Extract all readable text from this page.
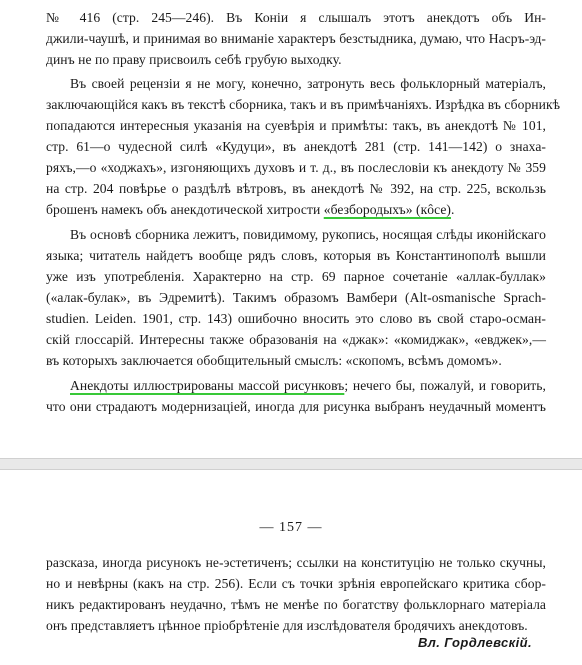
№ 416 (стр. 245—246). Въ Коніи я слышалъ этотъ анекдотъ объ Ин-
джили-чаушѣ, и принимая во вниманіе характеръ безстыдника, думаю, что Насръ-эд-
динъ не по праву присвоилъ себѣ грубую выходку.
Въ своей рецензіи я не могу, конечно, затронуть весь фольклорный матеріалъ,
заключающійся какъ въ текстѣ сборника, такъ и въ примѣчаніяхъ. Изрѣдка въ сборникѣ
попадаются интересныя указанія на суевѣрія и примѣты: такъ, въ анекдотѣ № 101,
стр. 61—о чудесной силѣ «Кудуци», въ анекдотѣ 281 (стр. 141—142) о знаха-
ряхъ,—о «ходжахъ», изгоняющихъ духовъ и т. д., въ послесловіи къ анекдоту № 359
на стр. 204 повѣрье о раздѣлѣ вѣтровъ, въ анекдотѣ № 392, на стр. 225, вскользь
брошенъ намекъ объ анекдотической хитрости «безбородыхъ» (кôсе).
Въ основѣ сборника лежитъ, повидимому, рукопись, носящая слѣды иконійскаго
языка; читатель найдетъ вообще рядъ словъ, которыя въ Константинополѣ вышли
уже изъ употребленія. Характерно на стр. 69 парное сочетаніе «аллак-буллак»
(«алак-булак», въ Эдремитѣ). Такимъ образомъ Вамбери (Alt-osmanische Sprach-
studien. Leiden. 1901, стр. 143) ошибочно вносить это слово въ свой старо-осман-
скій глоссарій. Интересны также образованія на «джак»: «комиджак», «евджек»,—
въ которыхъ заключается обобщительный смыслъ: «скопомъ, всѣмъ домомъ».
Анекдоты иллюстрированы массой рисунковъ; нечего бы, пожалуй, и говорить,
что они страдаютъ модернизаціей, иногда для рисунка выбранъ неудачный моментъ
— 157 —
разсказа, иногда рисунокъ не-эстетиченъ; ссылки на конституцію не только скучны,
но и невѣрны (какъ на стр. 256). Если съ точки зрѣнія европейскаго критика сбор-
никъ редактированъ неудачно, тѣмъ не менѣе по богатству фольклорнаго матеріала
онъ представляетъ цѣнное пріобрѣтеніе для изслѣдователя бродячихъ анекдотовъ.
Вл. Гордлевскій.
